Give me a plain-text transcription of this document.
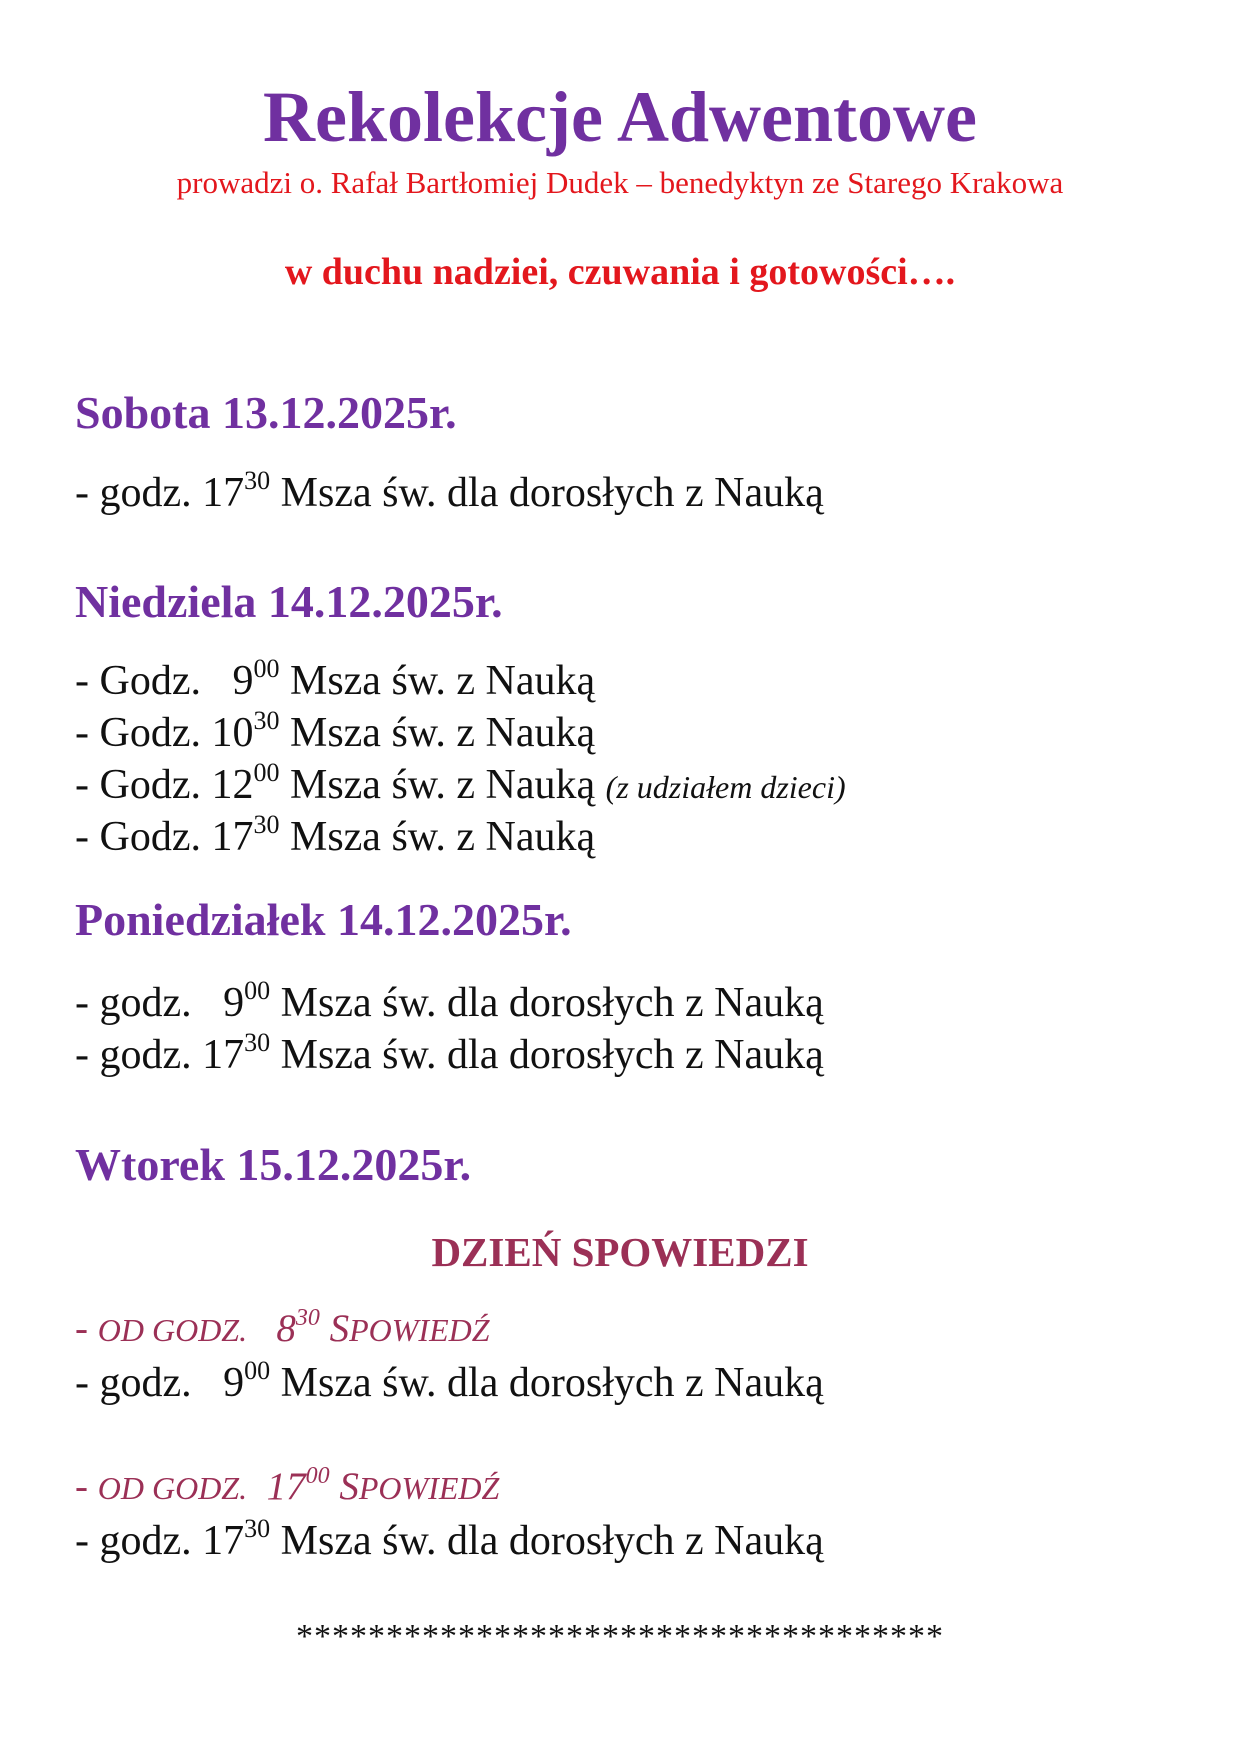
Rekolekcje Adwentowe
prowadzi o. Rafał Bartłomiej Dudek – benedyktyn ze Starego Krakowa
w duchu nadziei, czuwania i gotowości….
Sobota 13.12.2025r.
- godz. $17^{30}$ Msza św. dla dorosłych z Nauką
Niedziela 14.12.2025r.
- Godz.   $9^{00}$ Msza św. z Nauką
- Godz. $10^{30}$ Msza św. z Nauką
- Godz. $12^{00}$ Msza św. z Nauką (z udziałem dzieci)
- Godz. $17^{30}$ Msza św. z Nauką
Poniedziałek 14.12.2025r.
- godz.   $9^{00}$ Msza św. dla dorosłych z Nauką
- godz. $17^{30}$ Msza św. dla dorosłych z Nauką
Wtorek 15.12.2025r.
DZIEŃ SPOWIEDZI
- OD GODZ. $8^{30}$ SPOWIEDŹ
- godz.   $9^{00}$ Msza św. dla dorosłych z Nauką
- OD GODZ. $17^{00}$ SPOWIEDŹ
- godz. $17^{30}$ Msza św. dla dorosłych z Nauką
************************************
